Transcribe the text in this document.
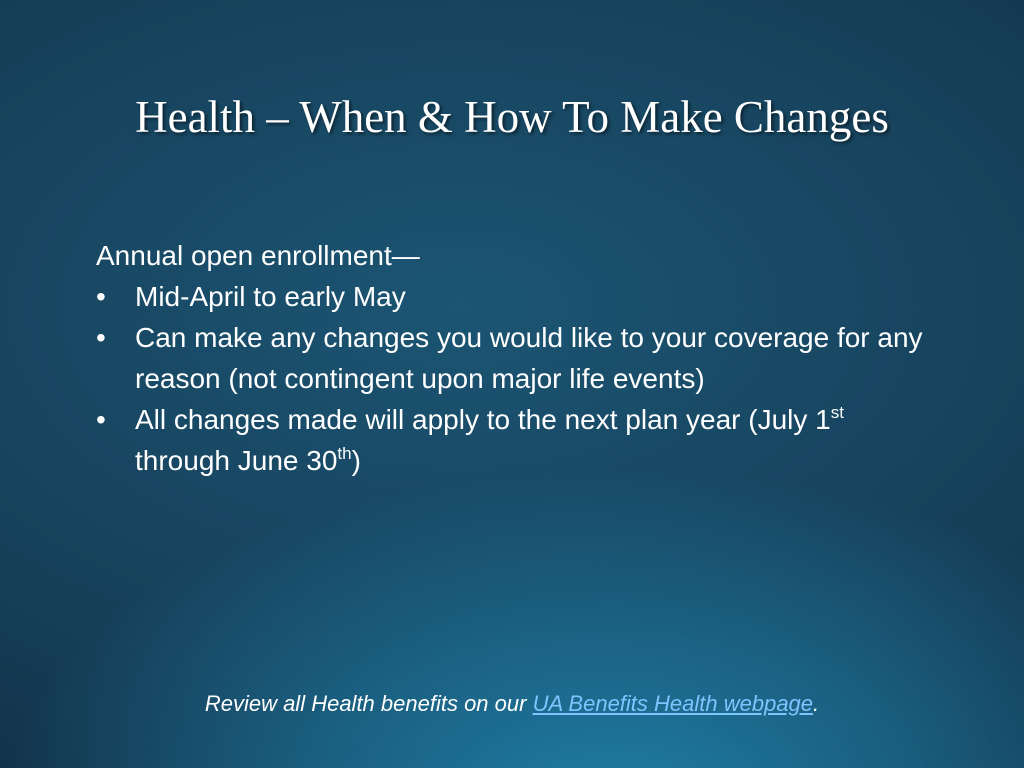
Health – When & How To Make Changes

Annual open enrollment—

•	Mid-April to early May
•	Can make any changes you would like to your coverage for any reason (not contingent upon major life events)
•	All changes made will apply to the next plan year (July 1st through June 30th)
Review all Health benefits on our UA Benefits Health webpage.
